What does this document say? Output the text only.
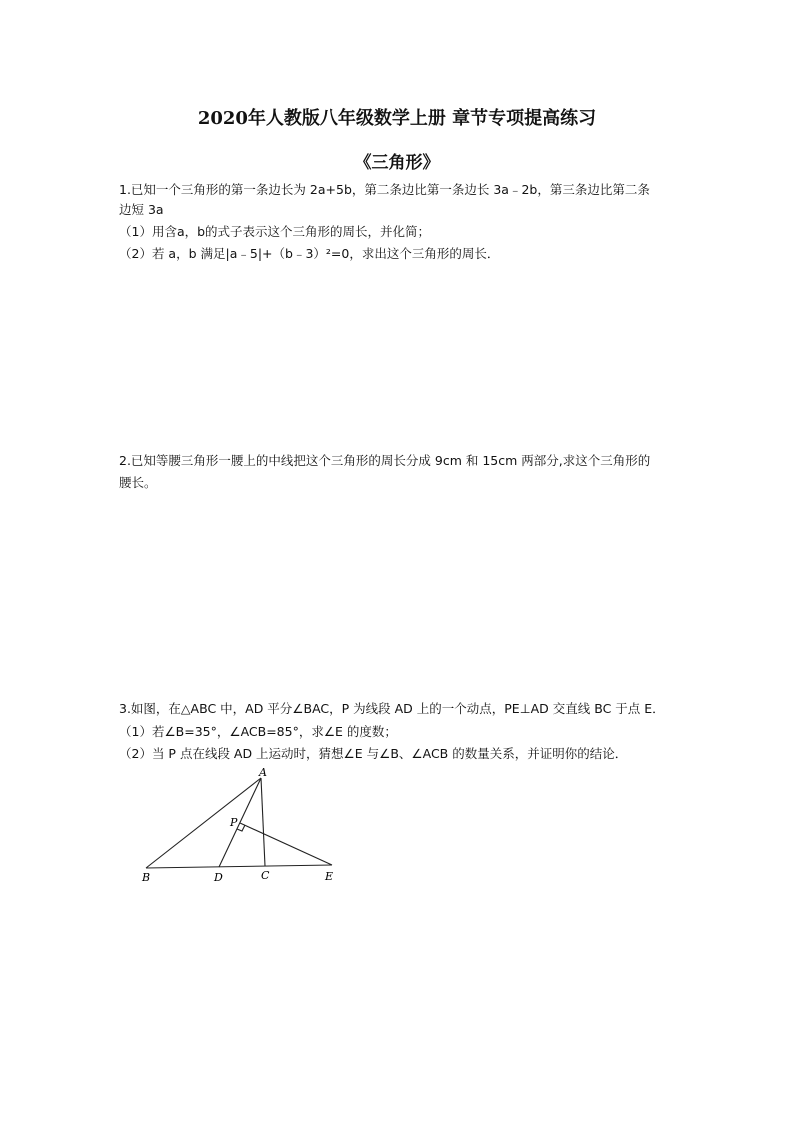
2020年人教版八年级数学上册 章节专项提高练习
《三角形》
1.已知一个三角形的第一条边长为 2a+5b，第二条边比第一条边长 3a﹣2b，第三条边比第二条
边短 3a
（1）用含a，b的式子表示这个三角形的周长，并化简；
（2）若 a，b 满足|a﹣5|+（b﹣3）²=0，求出这个三角形的周长．
2.已知等腰三角形一腰上的中线把这个三角形的周长分成 9cm 和 15cm 两部分,求这个三角形的
腰长。
3.如图，在△ABC 中，AD 平分∠BAC，P 为线段 AD 上的一个动点，PE⊥AD 交直线 BC 于点 E．
（1）若∠B=35°，∠ACB=85°，求∠E 的度数；
（2）当 P 点在线段 AD 上运动时，猜想∠E 与∠B、∠ACB 的数量关系，并证明你的结论．
A
P
B	D	C	E
